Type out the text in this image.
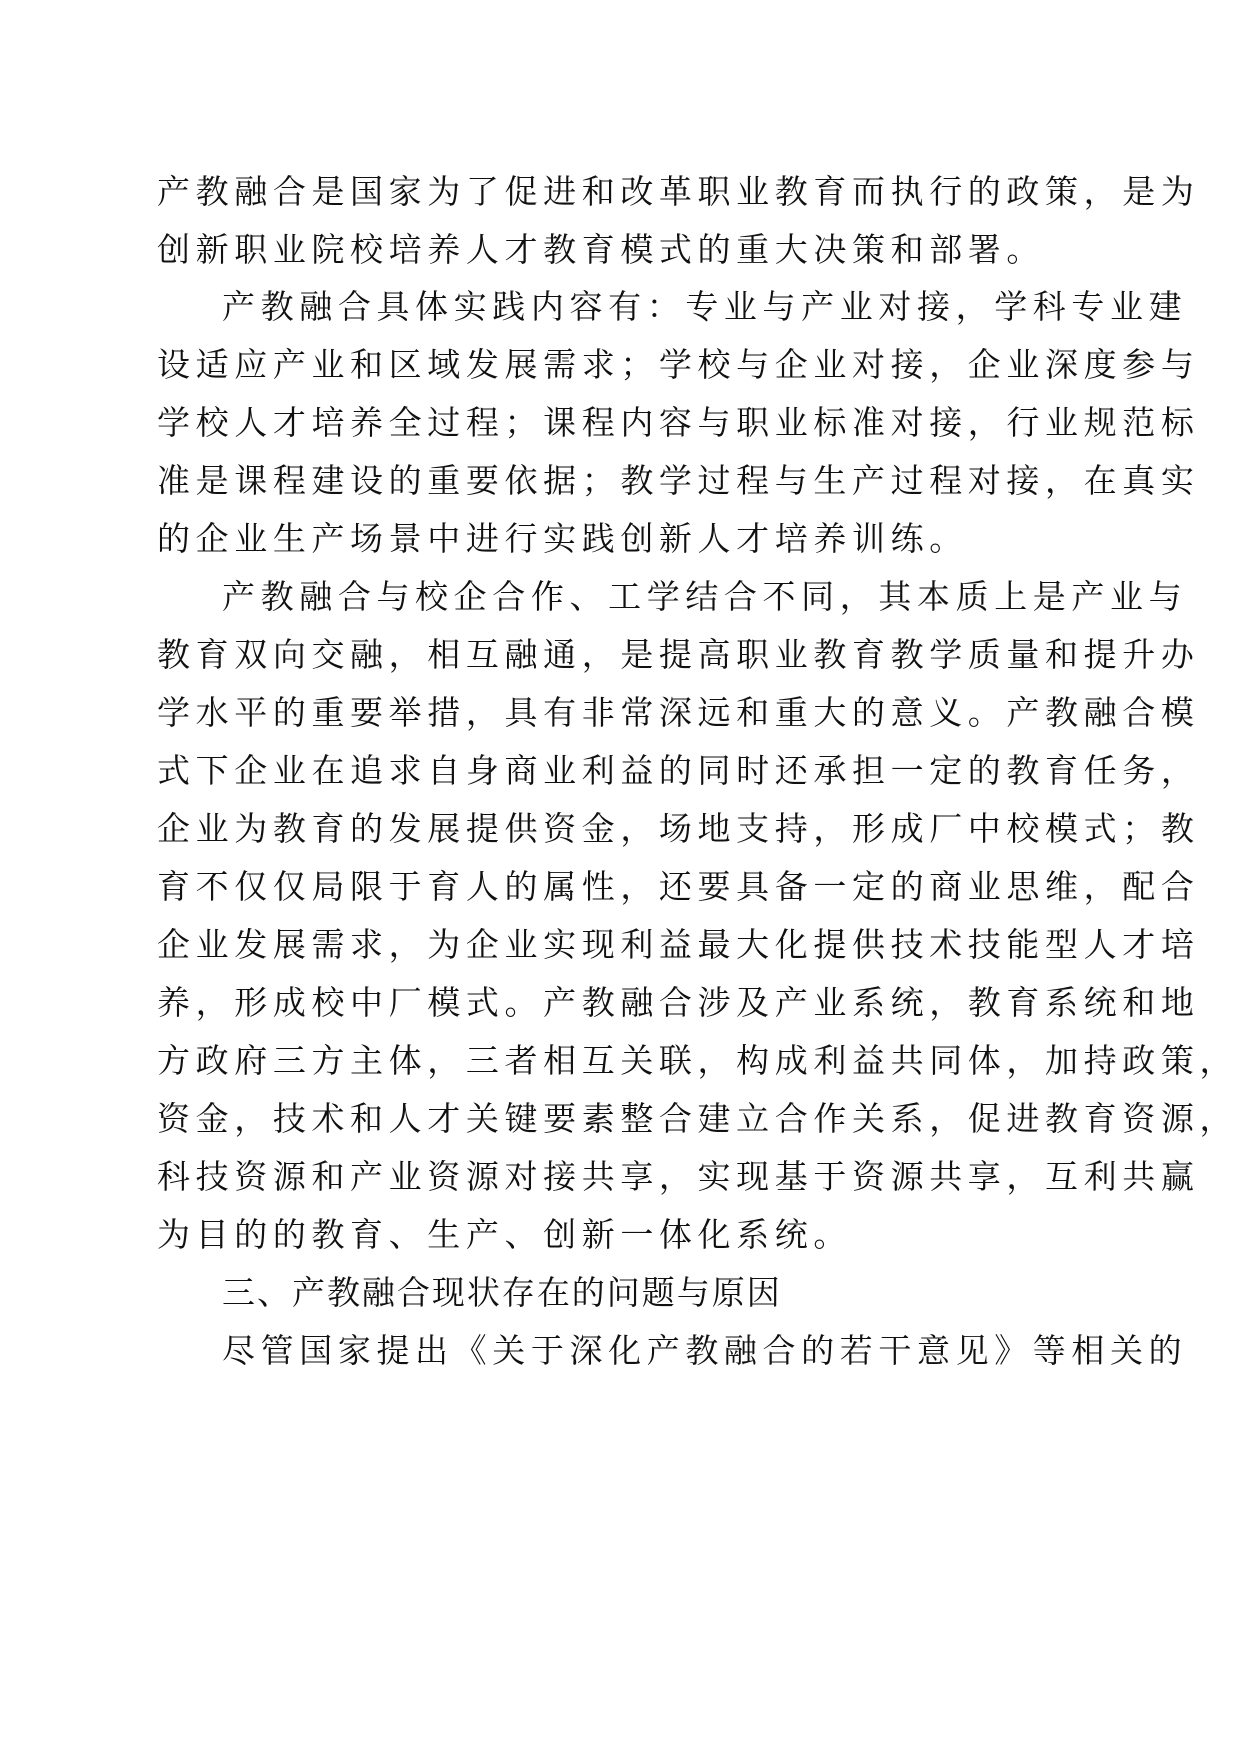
产教融合是国家为了促进和改革职业教育而执行的政策，是为
创新职业院校培养人才教育模式的重大决策和部署。
产教融合具体实践内容有：专业与产业对接，学科专业建
设适应产业和区域发展需求；学校与企业对接，企业深度参与
学校人才培养全过程；课程内容与职业标准对接，行业规范标
准是课程建设的重要依据；教学过程与生产过程对接，在真实
的企业生产场景中进行实践创新人才培养训练。
产教融合与校企合作、工学结合不同，其本质上是产业与
教育双向交融，相互融通，是提高职业教育教学质量和提升办
学水平的重要举措，具有非常深远和重大的意义。产教融合模
式下企业在追求自身商业利益的同时还承担一定的教育任务，
企业为教育的发展提供资金，场地支持，形成厂中校模式；教
育不仅仅局限于育人的属性，还要具备一定的商业思维，配合
企业发展需求，为企业实现利益最大化提供技术技能型人才培
养，形成校中厂模式。产教融合涉及产业系统，教育系统和地
方政府三方主体，三者相互关联，构成利益共同体，加持政策，
资金，技术和人才关键要素整合建立合作关系，促进教育资源，
科技资源和产业资源对接共享，实现基于资源共享，互利共赢
为目的的教育、生产、创新一体化系统。
三、产教融合现状存在的问题与原因
尽管国家提出《关于深化产教融合的若干意见》等相关的
